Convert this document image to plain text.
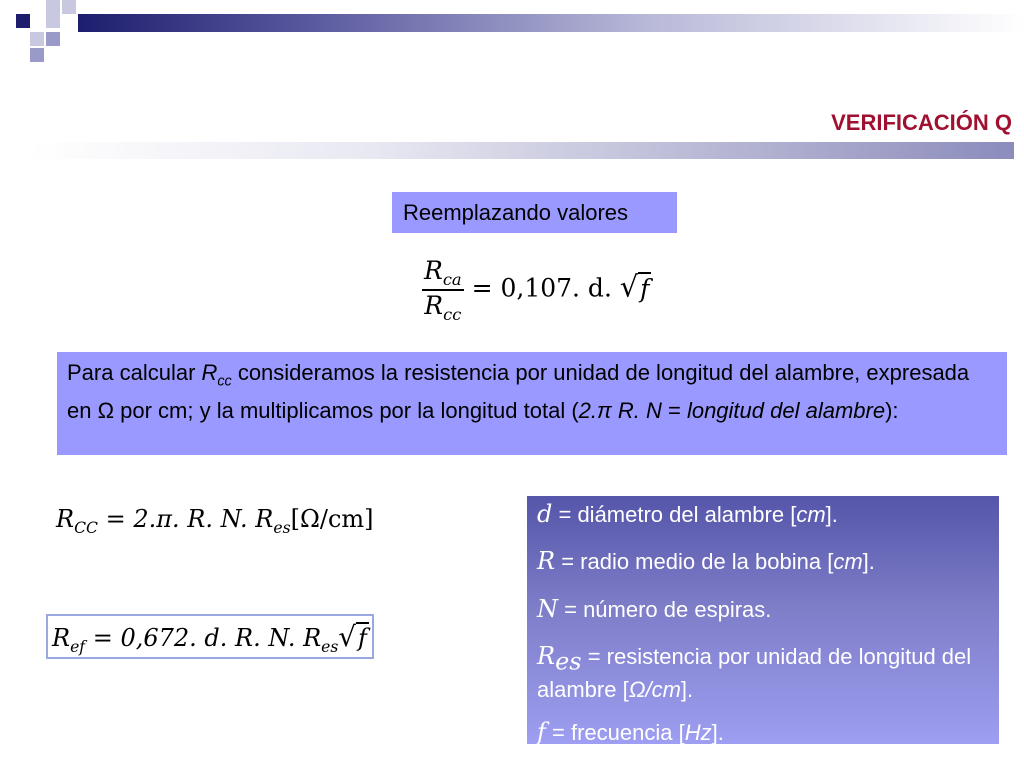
VERIFICACIÓN Q
Reemplazando valores
$\frac{R_{ca}}{R_{cc}} = 0,107$. d. √f
Para calcular $R_{cc}$ consideramos la resistencia por unidad de longitud del alambre, expresada en Ω por cm; y la multiplicamos por la longitud total (2.π R. N = longitud del alambre):
$R_{CC} = 2.\pi$. R. N. $R_{es}[\Omega/cm]$
$R_{ef} = 0,672$. d. R. N. $R_{es}√f$
d = diámetro del alambre [cm].
R = radio medio de la bobina [cm].
N = número de espiras.
$R_{es}$ = resistencia por unidad de longitud del alambre [Ω/cm].
f = frecuencia [Hz].
